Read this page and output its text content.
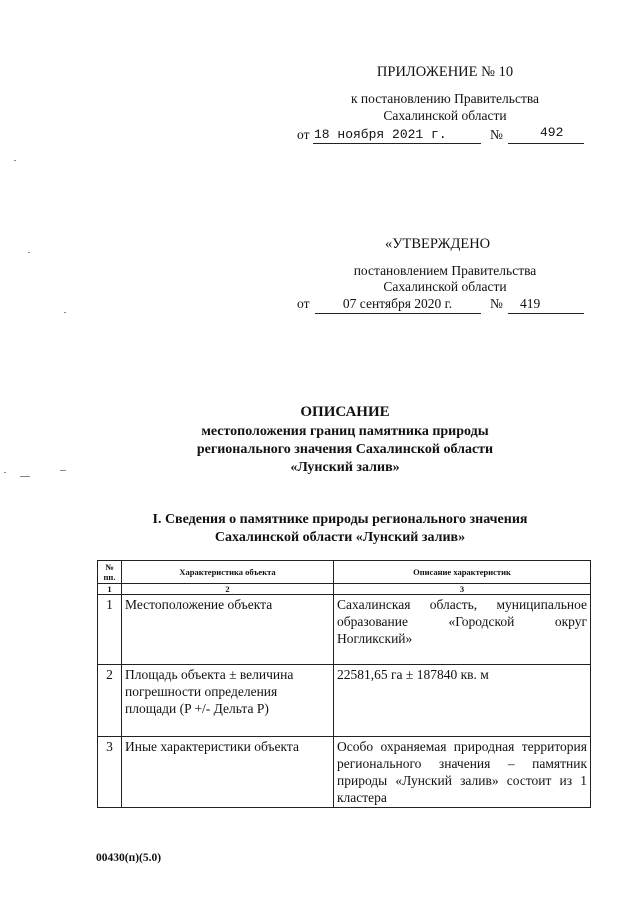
ПРИЛОЖЕНИЕ № 10
к постановлению Правительства
Сахалинской области
от 18 ноября 2021 г.	№	492
«УТВЕРЖДЕНО
постановлением Правительства
Сахалинской области
от	07 сентября 2020 г.	№ 419
ОПИСАНИЕ
местоположения границ памятника природы
регионального значения Сахалинской области
«Лунский залив»
I. Сведения о памятнике природы регионального значения
Сахалинской области «Лунский залив»
№
пп.	Характеристика объекта	Описание характеристик
1	2	3
1	Местоположение объекта	Сахалинская область, муниципальное образование «Городской округ Ногликский»
2	Площадь объекта ± величина погрешности определения площади (P +/- Дельта P)	22581,65 га ± 187840 кв. м
3	Иные характеристики объекта	Особо охраняемая природная территория регионального значения – памятник природы «Лунский залив» состоит из 1 кластера
00430(п)(5.0)
